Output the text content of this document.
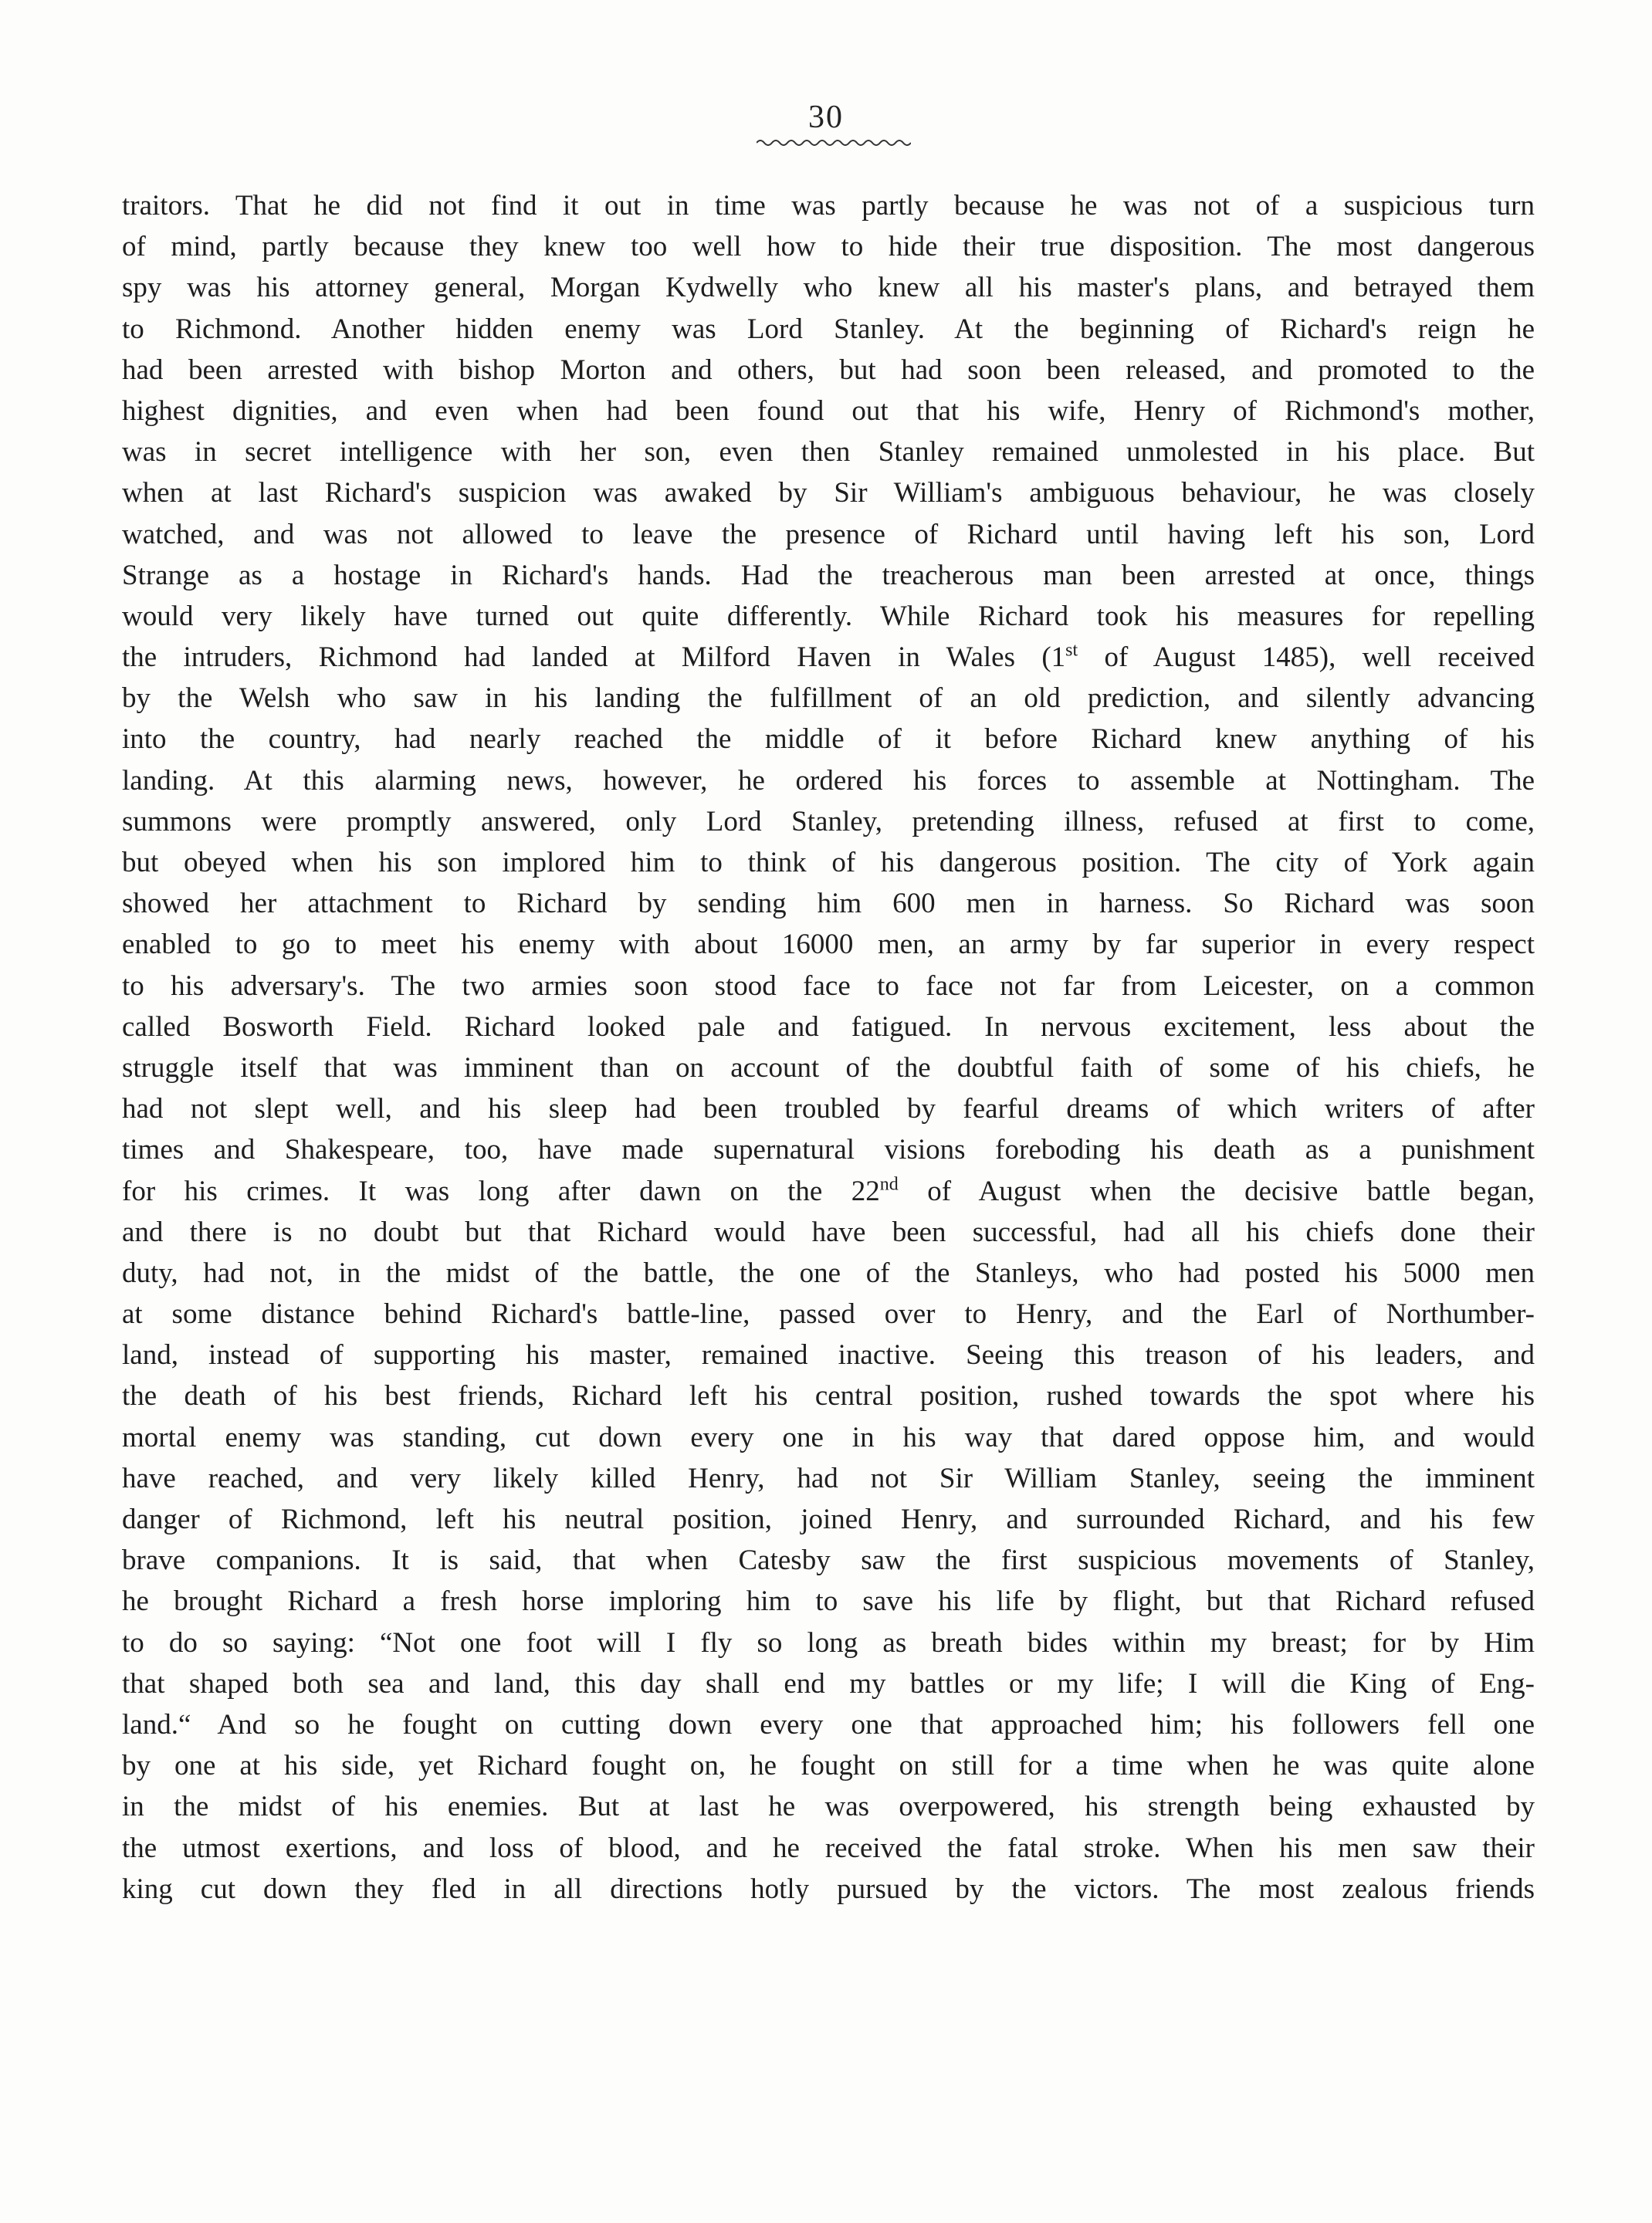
30
traitors. That he did not find it out in time was partly because he was not of a suspicious turn
of mind, partly because they knew too well how to hide their true disposition. The most dangerous
spy was his attorney general, Morgan Kydwelly who knew all his master's plans, and betrayed them
to Richmond. Another hidden enemy was Lord Stanley. At the beginning of Richard's reign he
had been arrested with bishop Morton and others, but had soon been released, and promoted to the
highest dignities, and even when had been found out that his wife, Henry of Richmond's mother,
was in secret intelligence with her son, even then Stanley remained unmolested in his place. But
when at last Richard's suspicion was awaked by Sir William's ambiguous behaviour, he was closely
watched, and was not allowed to leave the presence of Richard until having left his son, Lord
Strange as a hostage in Richard's hands. Had the treacherous man been arrested at once, things
would very likely have turned out quite differently. While Richard took his measures for repelling
the intruders, Richmond had landed at Milford Haven in Wales (1st of August 1485), well received
by the Welsh who saw in his landing the fulfillment of an old prediction, and silently advancing
into the country, had nearly reached the middle of it before Richard knew anything of his
landing. At this alarming news, however, he ordered his forces to assemble at Nottingham. The
summons were promptly answered, only Lord Stanley, pretending illness, refused at first to come,
but obeyed when his son implored him to think of his dangerous position. The city of York again
showed her attachment to Richard by sending him 600 men in harness. So Richard was soon
enabled to go to meet his enemy with about 16000 men, an army by far superior in every respect
to his adversary's. The two armies soon stood face to face not far from Leicester, on a common
called Bosworth Field. Richard looked pale and fatigued. In nervous excitement, less about the
struggle itself that was imminent than on account of the doubtful faith of some of his chiefs, he
had not slept well, and his sleep had been troubled by fearful dreams of which writers of after
times and Shakespeare, too, have made supernatural visions foreboding his death as a punishment
for his crimes. It was long after dawn on the 22nd of August when the decisive battle began,
and there is no doubt but that Richard would have been successful, had all his chiefs done their
duty, had not, in the midst of the battle, the one of the Stanleys, who had posted his 5000 men
at some distance behind Richard's battle-line, passed over to Henry, and the Earl of Northumber-
land, instead of supporting his master, remained inactive. Seeing this treason of his leaders, and
the death of his best friends, Richard left his central position, rushed towards the spot where his
mortal enemy was standing, cut down every one in his way that dared oppose him, and would
have reached, and very likely killed Henry, had not Sir William Stanley, seeing the imminent
danger of Richmond, left his neutral position, joined Henry, and surrounded Richard, and his few
brave companions. It is said, that when Catesby saw the first suspicious movements of Stanley,
he brought Richard a fresh horse imploring him to save his life by flight, but that Richard refused
to do so saying: “Not one foot will I fly so long as breath bides within my breast; for by Him
that shaped both sea and land, this day shall end my battles or my life; I will die King of Eng-
land.“ And so he fought on cutting down every one that approached him; his followers fell one
by one at his side, yet Richard fought on, he fought on still for a time when he was quite alone
in the midst of his enemies. But at last he was overpowered, his strength being exhausted by
the utmost exertions, and loss of blood, and he received the fatal stroke. When his men saw their
king cut down they fled in all directions hotly pursued by the victors. The most zealous friends
